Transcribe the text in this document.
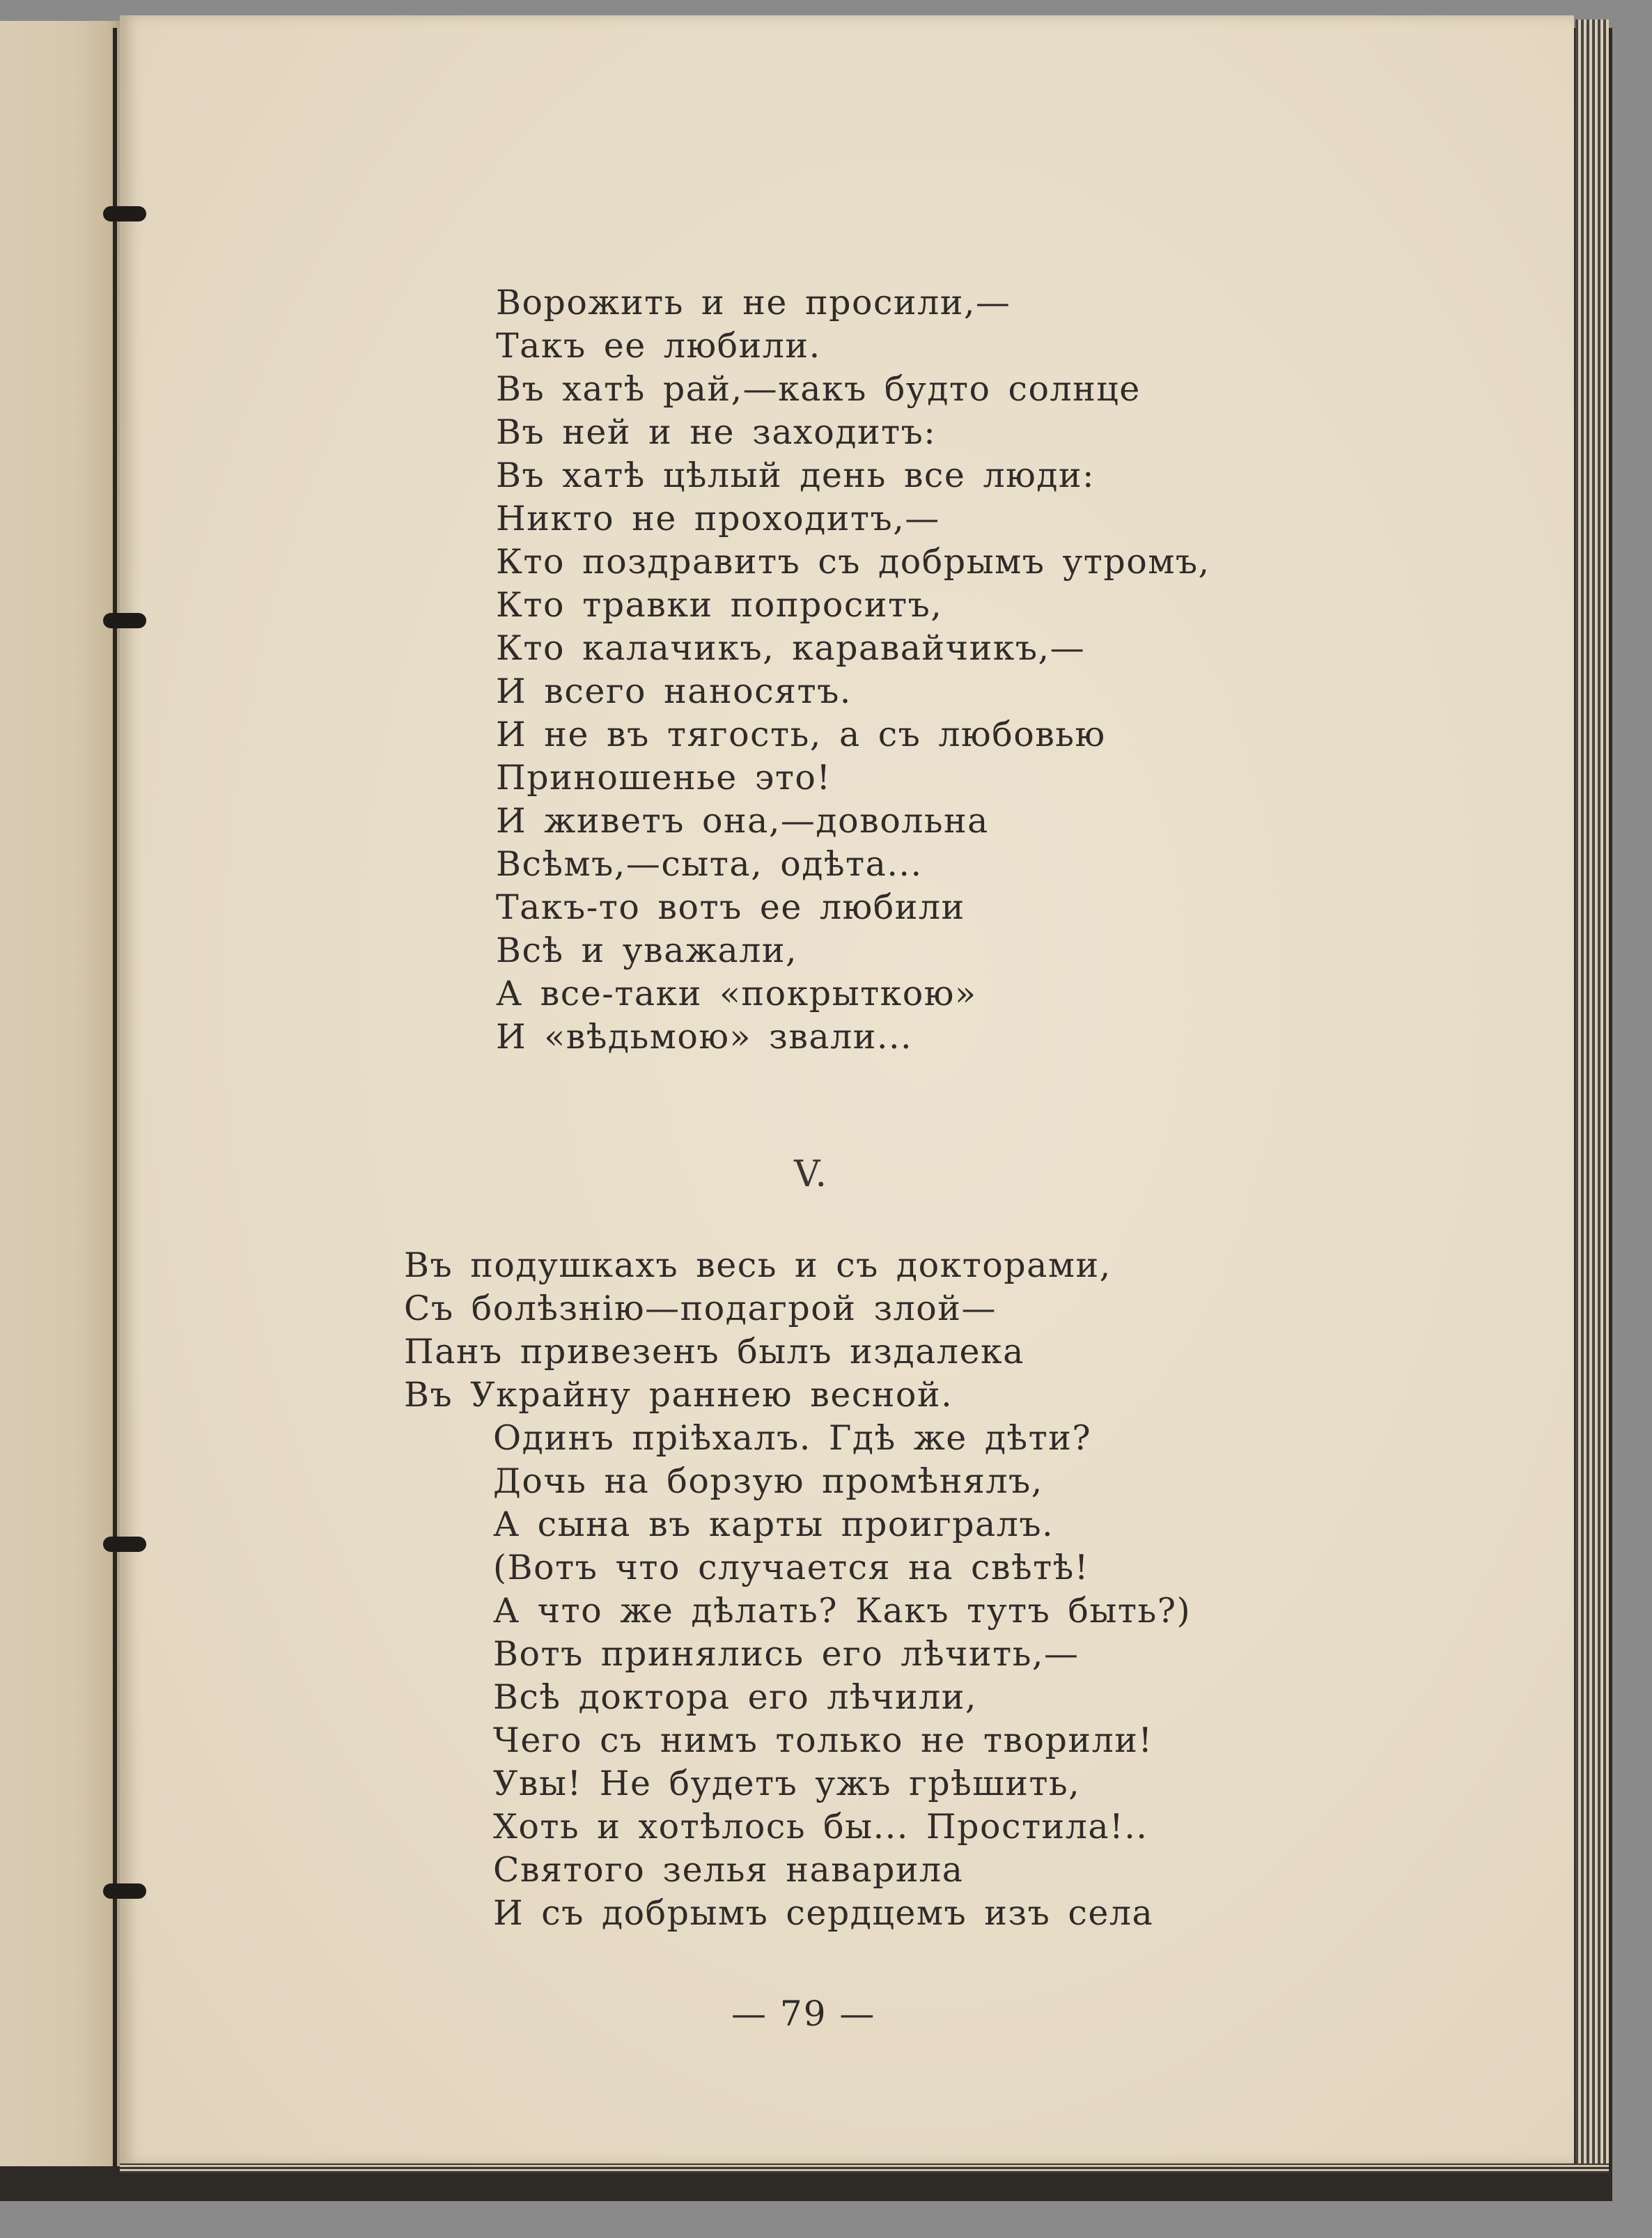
Ворожить и не просили,—
Такъ ее любили.
Въ хатѣ рай,—какъ будто солнце
Въ ней и не заходитъ:
Въ хатѣ цѣлый день все люди:
Никто не проходитъ,—
Кто поздравитъ съ добрымъ утромъ,
Кто травки попроситъ,
Кто калачикъ, каравайчикъ,—
И всего наносятъ.
И не въ тягость, а съ любовью
Приношенье это!
И живетъ она,—довольна
Всѣмъ,—сыта, одѣта...
Такъ-то вотъ ее любили
Всѣ и уважали,
А все-таки «покрыткою»
И «вѣдьмою» звали...
V.
Въ подушкахъ весь и съ докторами,
Съ болѣзнiю—подагрой злой—
Панъ привезенъ былъ издалека
Въ Украйну раннею весной.
Одинъ прiѣхалъ. Гдѣ же дѣти?
Дочь на борзую промѣнялъ,
А сына въ карты проигралъ.
(Вотъ что случается на свѣтѣ!
А что же дѣлать? Какъ тутъ быть?)
Вотъ принялись его лѣчить,—
Всѣ доктора его лѣчили,
Чего съ нимъ только не творили!
Увы! Не будетъ ужъ грѣшить,
Хоть и хотѣлось бы... Простила!..
Святого зелья наварила
И съ добрымъ сердцемъ изъ села
— 79 —
